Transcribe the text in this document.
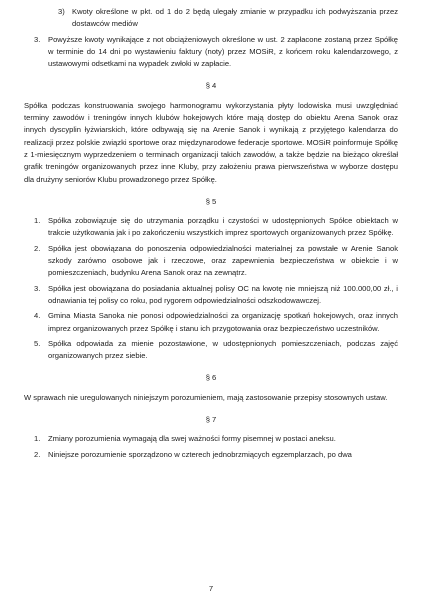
3) Kwoty określone w pkt. od 1 do 2 będą ulegały zmianie w przypadku ich podwyższania przez dostawców mediów

3. Powyższe kwoty wynikające z not obciążeniowych określone w ust. 2 zapłacone zostaną przez Spółkę w terminie do 14 dni po wystawieniu faktury (noty) przez MOSiR, z końcem roku kalendarzowego, z ustawowymi odsetkami na wypadek zwłoki w zapłacie.

§ 4

Spółka podczas konstruowania swojego harmonogramu wykorzystania płyty lodowiska musi uwzględniać terminy zawodów i treningów innych klubów hokejowych które mają dostęp do obiektu Arena Sanok oraz innych dyscyplin łyżwiarskich, które odbywają się na Arenie Sanok i wynikają z przyjętego kalendarza do realizacji przez polskie związki sportowe oraz międzynarodowe federacje sportowe. MOSiR poinformuje Spółkę z 1-miesięcznym wyprzedzeniem o terminach organizacji takich zawodów, a także będzie na bieżąco określał grafik treningów organizowanych przez inne Kluby, przy założeniu prawa pierwszeństwa w wyborze dostępu dla drużyny seniorów Klubu prowadzonego przez Spółkę.

§ 5
1. Spółka zobowiązuje się do utrzymania porządku i czystości w udostępnionych Spółce obiektach w trakcie użytkowania jak i po zakończeniu wszystkich imprez sportowych organizowanych przez Spółkę.

2. Spółka jest obowiązana do ponoszenia odpowiedzialności materialnej za powstałe w Arenie Sanok szkody zarówno osobowe jak i rzeczowe, oraz zapewnienia bezpieczeństwa w obiekcie i w pomieszczeniach, budynku Arena Sanok oraz na zewnątrz.

3. Spółka jest obowiązana do posiadania aktualnej polisy OC na kwotę nie mniejszą niż 100.000,00 zł., i odnawiania tej polisy co roku, pod rygorem odpowiedzialności odszkodowawczej.

4. Gmina Miasta Sanoka nie ponosi odpowiedzialności za organizację spotkań hokejowych, oraz innych imprez organizowanych przez Spółkę i stanu ich przygotowania oraz bezpieczeństwo uczestników.

5. Spółka odpowiada za mienie pozostawione, w udostępnionych pomieszczeniach, podczas zajęć organizowanych przez siebie.

§ 6

W sprawach nie uregulowanych niniejszym porozumieniem, mają zastosowanie przepisy stosownych ustaw.

§ 7
1. Zmiany porozumienia wymagają dla swej ważności formy pisemnej w postaci aneksu.

2. Niniejsze porozumienie sporządzono w czterech jednobrzmiących egzemplarzach, po dwa

7
